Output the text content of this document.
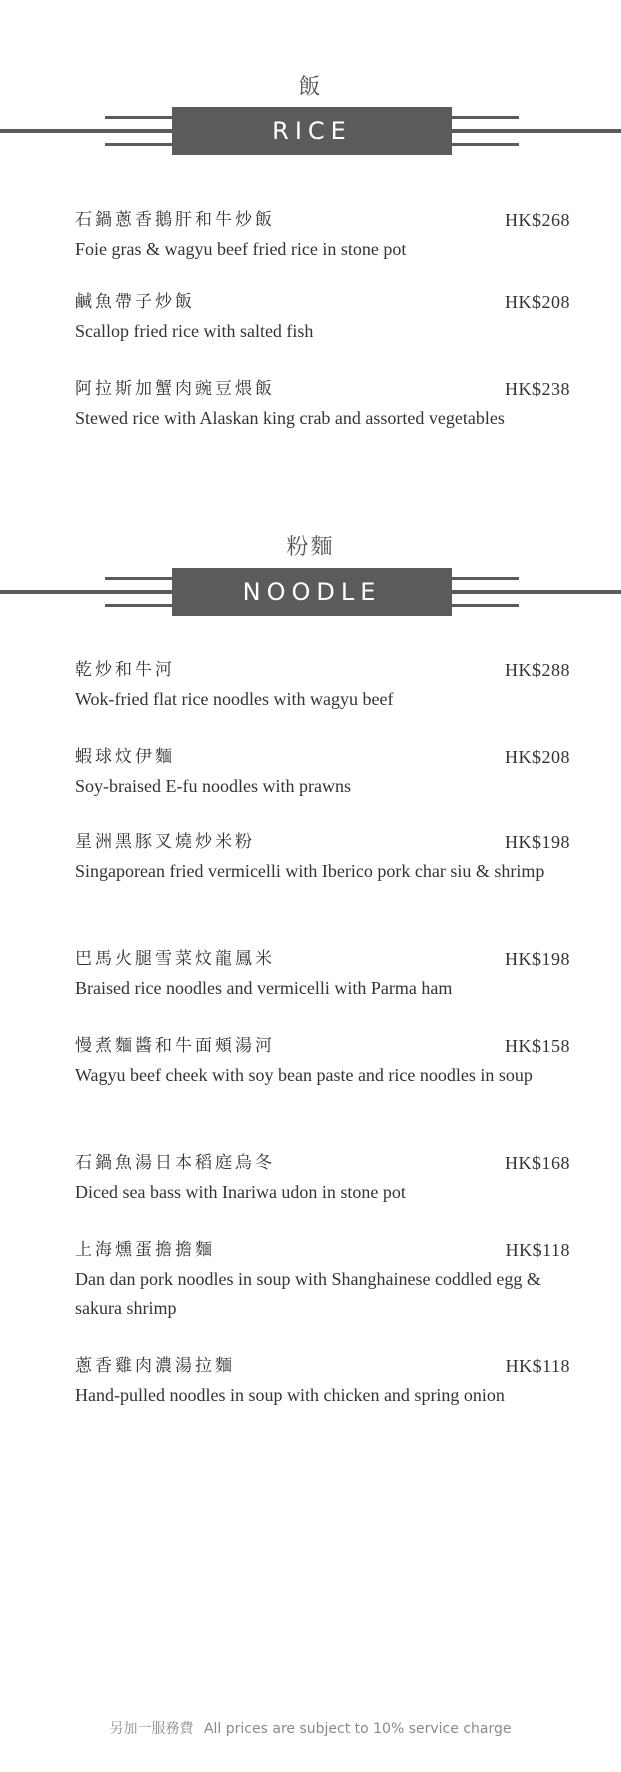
飯
RICE
石鍋蔥香鵝肝和牛炒飯	HK$268
Foie gras & wagyu beef fried rice in stone pot
鹹魚帶子炒飯	HK$208
Scallop fried rice with salted fish
阿拉斯加蟹肉豌豆煨飯	HK$238
Stewed rice with Alaskan king crab and assorted vegetables
粉麵
NOODLE
乾炒和牛河	HK$288
Wok-fried flat rice noodles with wagyu beef
蝦球炆伊麵	HK$208
Soy-braised E-fu noodles with prawns
星洲黑豚叉燒炒米粉	HK$198
Singaporean fried vermicelli with Iberico pork char siu & shrimp
巴馬火腿雪菜炆龍鳳米	HK$198
Braised rice noodles and vermicelli with Parma ham
慢煮麵醬和牛面頰湯河	HK$158
Wagyu beef cheek with soy bean paste and rice noodles in soup
石鍋魚湯日本稻庭烏冬	HK$168
Diced sea bass with Inariwa udon in stone pot
上海燻蛋擔擔麵	HK$118
Dan dan pork noodles in soup with Shanghainese coddled egg & sakura shrimp
蔥香雞肉濃湯拉麵	HK$118
Hand-pulled noodles in soup with chicken and spring onion
另加一服務費 All prices are subject to 10% service charge
